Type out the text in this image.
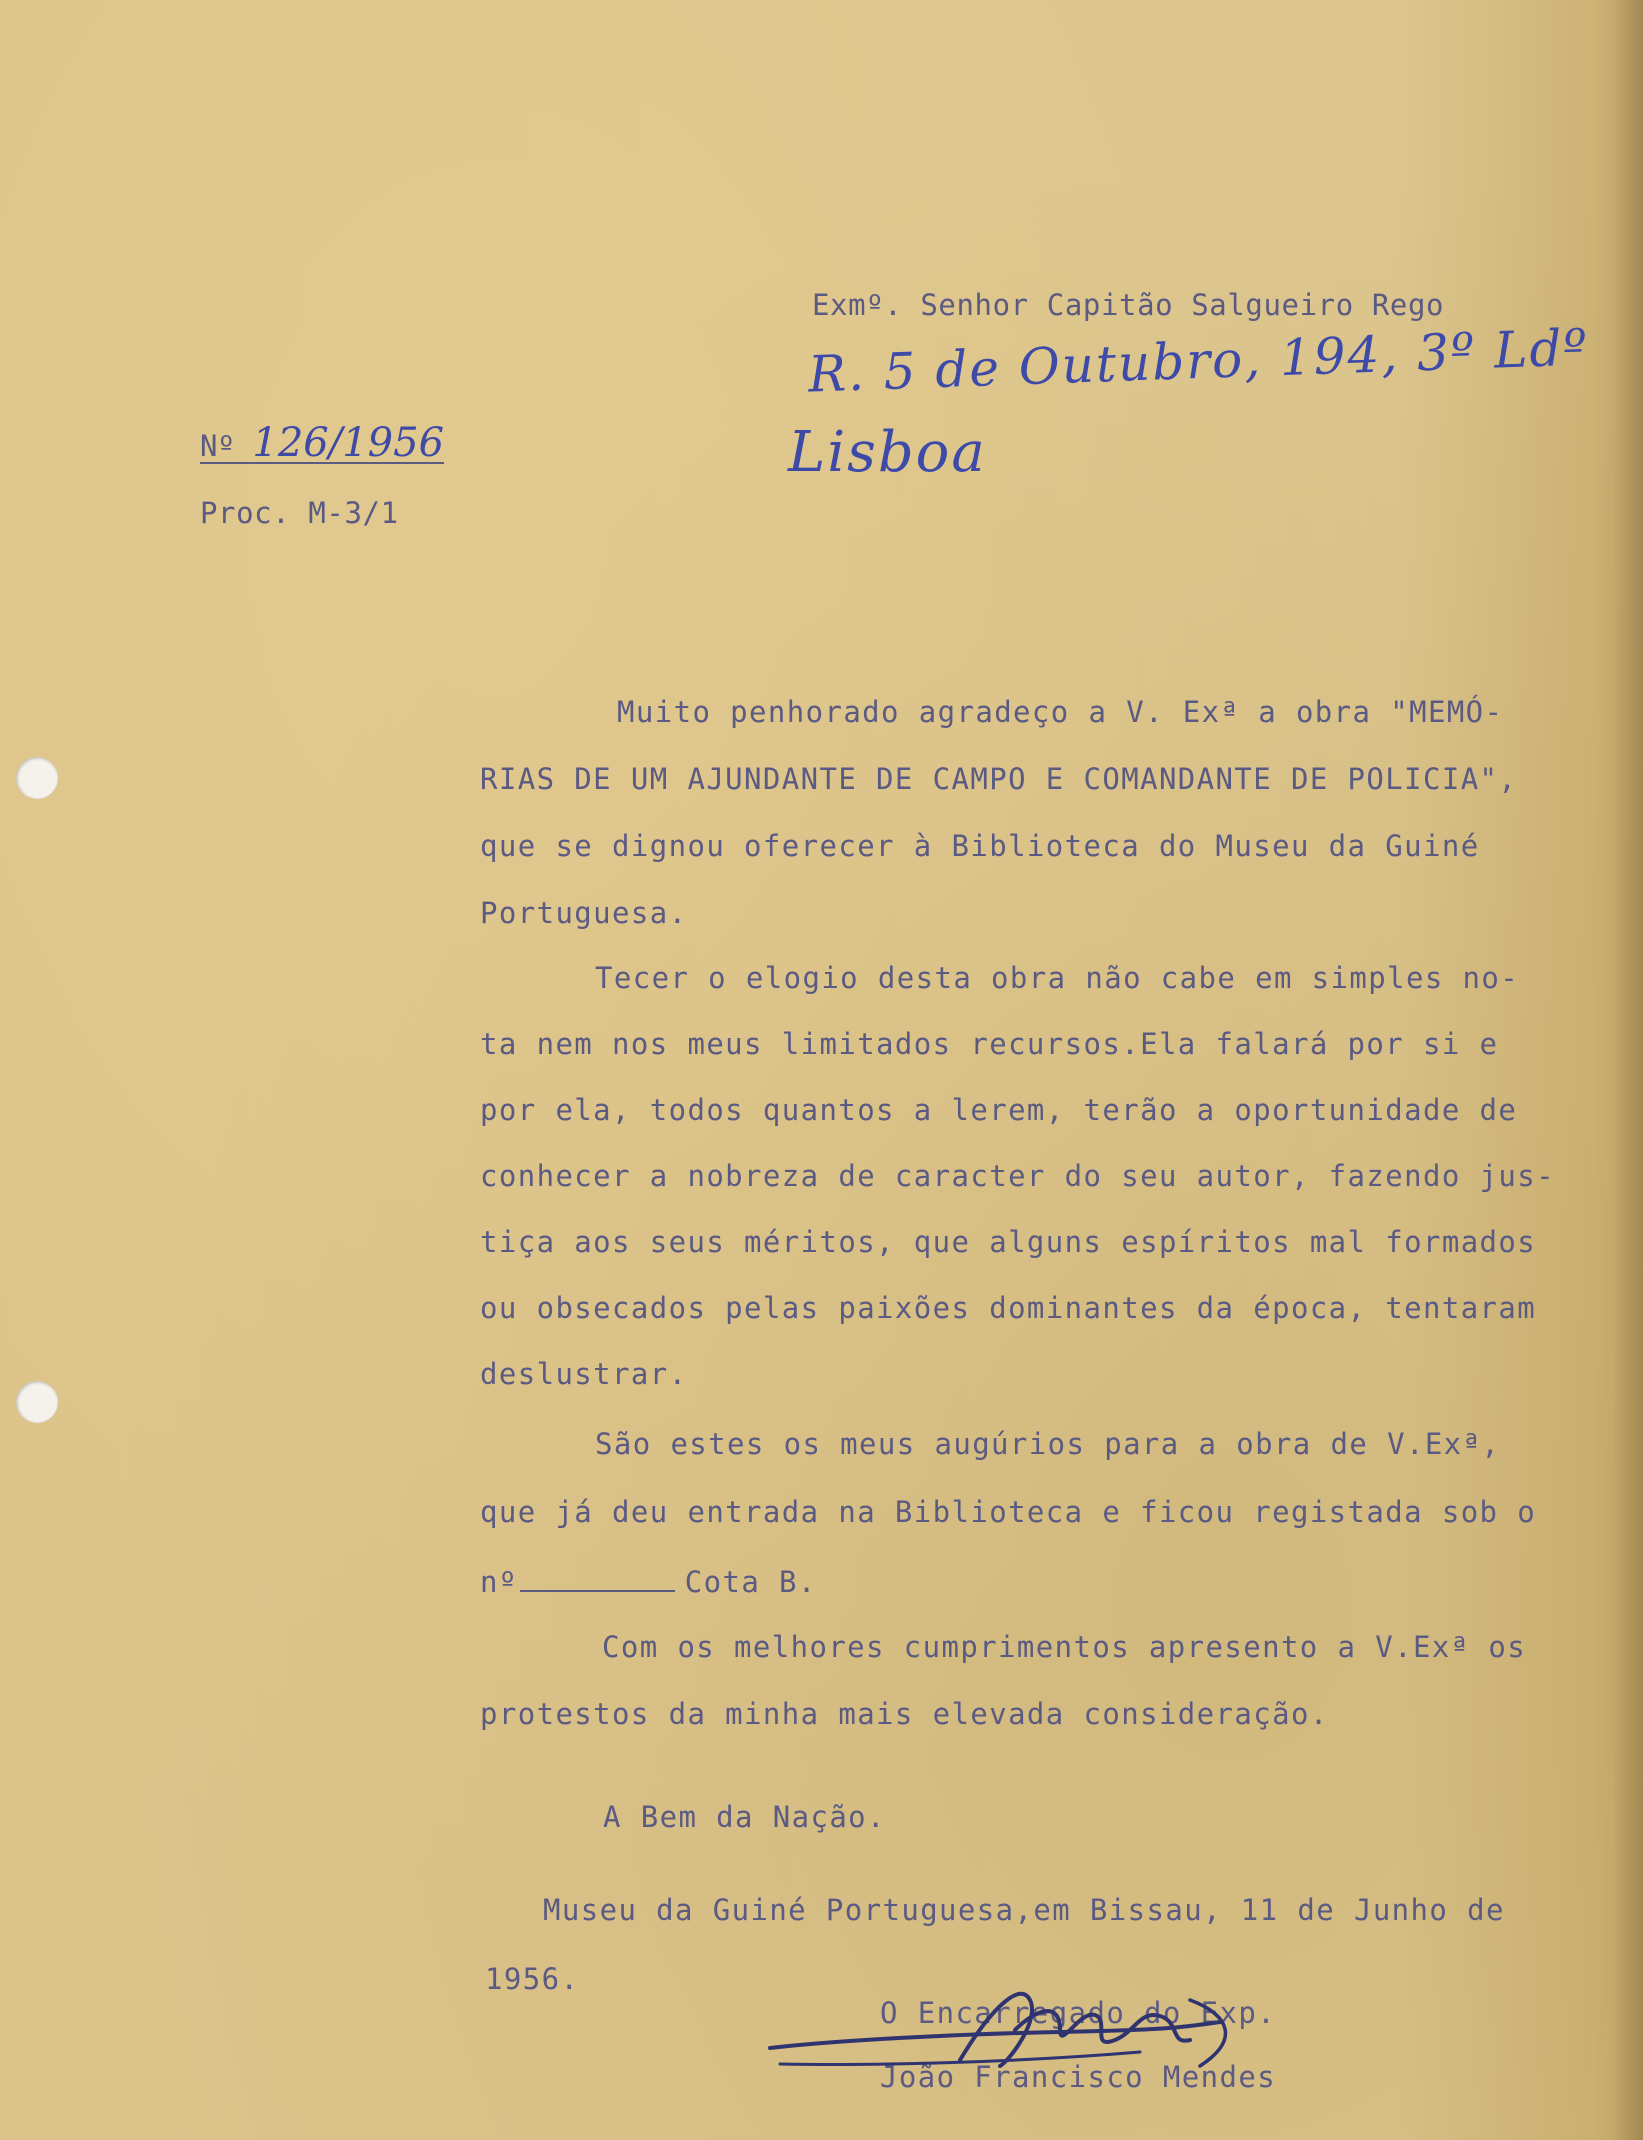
Exmº. Senhor Capitão Salgueiro Rego
R. 5 de Outubro, 194, 3º Ldº
Lisboa
Nº 126/1956
Proc. M-3/1
Muito penhorado agradeço a V. Exª a obra "MEMÓ-
RIAS DE UM AJUNDANTE DE CAMPO E COMANDANTE DE POLICIA",
que se dignou oferecer à Biblioteca do Museu da Guiné
Portuguesa.
Tecer o elogio desta obra não cabe em simples no-
ta nem nos meus limitados recursos.Ela falará por si e
por ela, todos quantos a lerem, terão a oportunidade de
conhecer a nobreza de caracter do seu autor, fazendo jus-
tiça aos seus méritos, que alguns espíritos mal formados
ou obsecados pelas paixões dominantes da época, tentaram
deslustrar.
São estes os meus augúrios para a obra de V.Exª,
que já deu entrada na Biblioteca e ficou registada sob o
nº	Cota B.
Com os melhores cumprimentos apresento a V.Exª os
protestos da minha mais elevada consideração.
A Bem da Nação.
Museu da Guiné Portuguesa,em Bissau, 11 de Junho de
1956.
O Encarregado do Exp.
João Francisco Mendes
